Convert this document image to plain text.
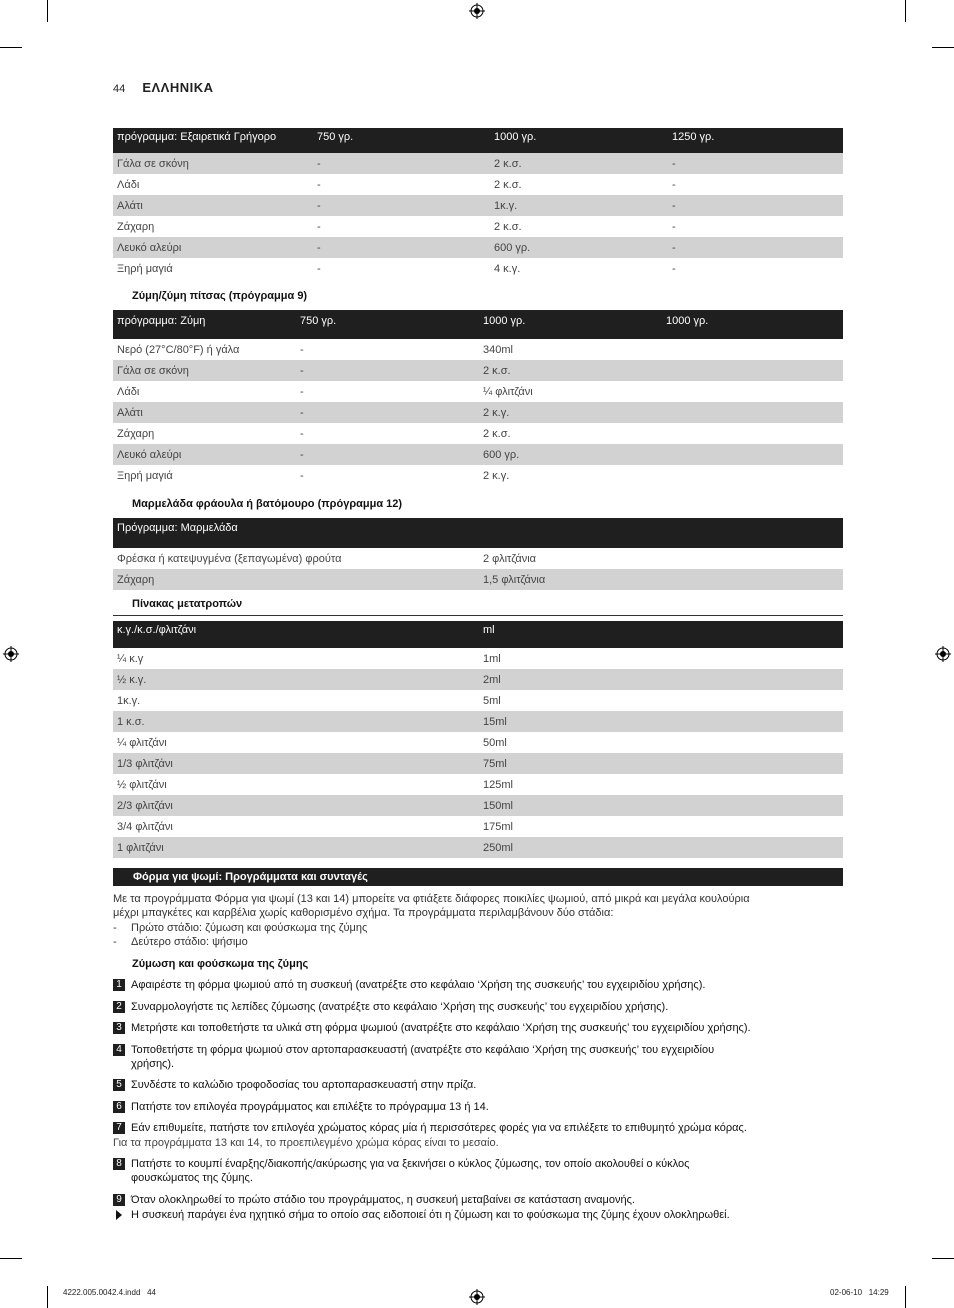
44 ΕΛΛΗΝΙΚΑ
πρόγραμμα: Εξαιρετικά Γρήγορο	750 γρ.	1000 γρ.	1250 γρ.
Γάλα σε σκόνη	-	2 κ.σ.	-
Λάδι	-	2 κ.σ.	-
Αλάτι	-	1κ.γ.	-
Ζάχαρη	-	2 κ.σ.	-
Λευκό αλεύρι	-	600 γρ.	-
Ξηρή μαγιά	-	4 κ.γ.	-
Ζύμη/ζύμη πίτσας (πρόγραμμα 9)
πρόγραμμα: Ζύμη	750 γρ.	1000 γρ.	1000 γρ.
Νερό (27°C/80°F) ή γάλα	-	340ml	
Γάλα σε σκόνη	-	2 κ.σ.	
Λάδι	-	¼ φλιτζάνι	
Αλάτι	-	2 κ.γ.	
Ζάχαρη	-	2 κ.σ.	
Λευκό αλεύρι	-	600 γρ.	
Ξηρή μαγιά	-	2 κ.γ.	
Μαρμελάδα φράουλα ή βατόμουρο (πρόγραμμα 12)
Πρόγραμμα: Μαρμελάδα	
Φρέσκα ή κατεψυγμένα (ξεπαγωμένα) φρούτα	2 φλιτζάνια
Ζάχαρη	1,5 φλιτζάνια
Πίνακας μετατροπών
κ.γ./κ.σ./φλιτζάνι	ml
¼ κ.γ	1ml
½ κ.γ.	2ml
1κ.γ.	5ml
1 κ.σ.	15ml
¼ φλιτζάνι	50ml
1/3 φλιτζάνι	75ml
½ φλιτζάνι	125ml
2/3 φλιτζάνι	150ml
3/4 φλιτζάνι	175ml
1 φλιτζάνι	250ml
Φόρμα για ψωμί: Προγράμματα και συνταγές
Με τα προγράμματα Φόρμα για ψωμί (13 και 14) μπορείτε να φτιάξετε διάφορες ποικιλίες ψωμιού, από μικρά και μεγάλα κουλούρια
μέχρι μπαγκέτες και καρβέλια χωρίς καθορισμένο σχήμα. Τα προγράμματα περιλαμβάνουν δύο στάδια:
- Πρώτο στάδιο: ζύμωση και φούσκωμα της ζύμης
- Δεύτερο στάδιο: ψήσιμο
Ζύμωση και φούσκωμα της ζύμης
1 Αφαιρέστε τη φόρμα ψωμιού από τη συσκευή (ανατρέξτε στο κεφάλαιο ‘Χρήση της συσκευής’ του εγχειριδίου χρήσης).
2 Συναρμολογήστε τις λεπίδες ζύμωσης (ανατρέξτε στο κεφάλαιο ‘Χρήση της συσκευής’ του εγχειριδίου χρήσης).
3 Μετρήστε και τοποθετήστε τα υλικά στη φόρμα ψωμιού (ανατρέξτε στο κεφάλαιο ‘Χρήση της συσκευής’ του εγχειριδίου χρήσης).
4 Τοποθετήστε τη φόρμα ψωμιού στον αρτοπαρασκευαστή (ανατρέξτε στο κεφάλαιο ‘Χρήση της συσκευής’ του εγχειριδίου
χρήσης).
5 Συνδέστε το καλώδιο τροφοδοσίας του αρτοπαρασκευαστή στην πρίζα.
6 Πατήστε τον επιλογέα προγράμματος και επιλέξτε το πρόγραμμα 13 ή 14.
7 Εάν επιθυμείτε, πατήστε τον επιλογέα χρώματος κόρας μία ή περισσότερες φορές για να επιλέξετε το επιθυμητό χρώμα κόρας.
Για τα προγράμματα 13 και 14, το προεπιλεγμένο χρώμα κόρας είναι το μεσαίο.
8 Πατήστε το κουμπί έναρξης/διακοπής/ακύρωσης για να ξεκινήσει ο κύκλος ζύμωσης, τον οποίο ακολουθεί ο κύκλος
φουσκώματος της ζύμης.
9 Όταν ολοκληρωθεί το πρώτο στάδιο του προγράμματος, η συσκευή μεταβαίνει σε κατάσταση αναμονής.
Η συσκευή παράγει ένα ηχητικό σήμα το οποίο σας ειδοποιεί ότι η ζύμωση και το φούσκωμα της ζύμης έχουν ολοκληρωθεί.
4222.005.0042.4.indd   44	02-06-10   14:29
